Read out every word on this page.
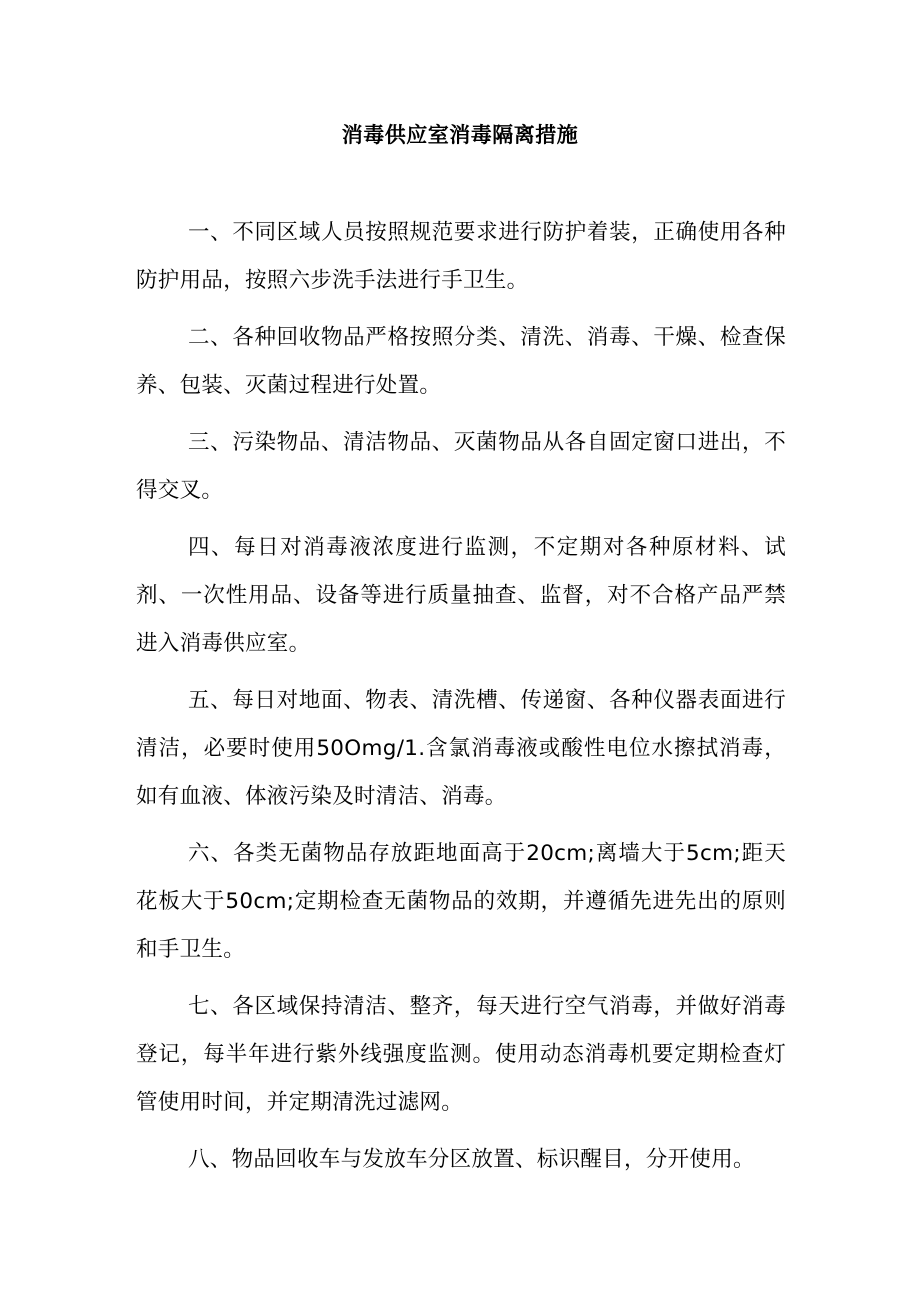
消毒供应室消毒隔离措施

一、不同区域人员按照规范要求进行防护着装，正确使用各种防护用品，按照六步洗手法进行手卫生。

二、各种回收物品严格按照分类、清洗、消毒、干燥、检查保养、包装、灭菌过程进行处置。

三、污染物品、清洁物品、灭菌物品从各自固定窗口进出，不得交叉。

四、每日对消毒液浓度进行监测，不定期对各种原材料、试剂、一次性用品、设备等进行质量抽查、监督，对不合格产品严禁进入消毒供应室。

五、每日对地面、物表、清洗槽、传递窗、各种仪器表面进行清洁，必要时使用50Omg/1.含氯消毒液或酸性电位水擦拭消毒，如有血液、体液污染及时清洁、消毒。

六、各类无菌物品存放距地面高于20cm;离墙大于5cm;距天花板大于50cm;定期检查无菌物品的效期，并遵循先进先出的原则和手卫生。

七、各区域保持清洁、整齐，每天进行空气消毒，并做好消毒登记，每半年进行紫外线强度监测。使用动态消毒机要定期检查灯管使用时间，并定期清洗过滤网。

八、物品回收车与发放车分区放置、标识醒目，分开使用。
